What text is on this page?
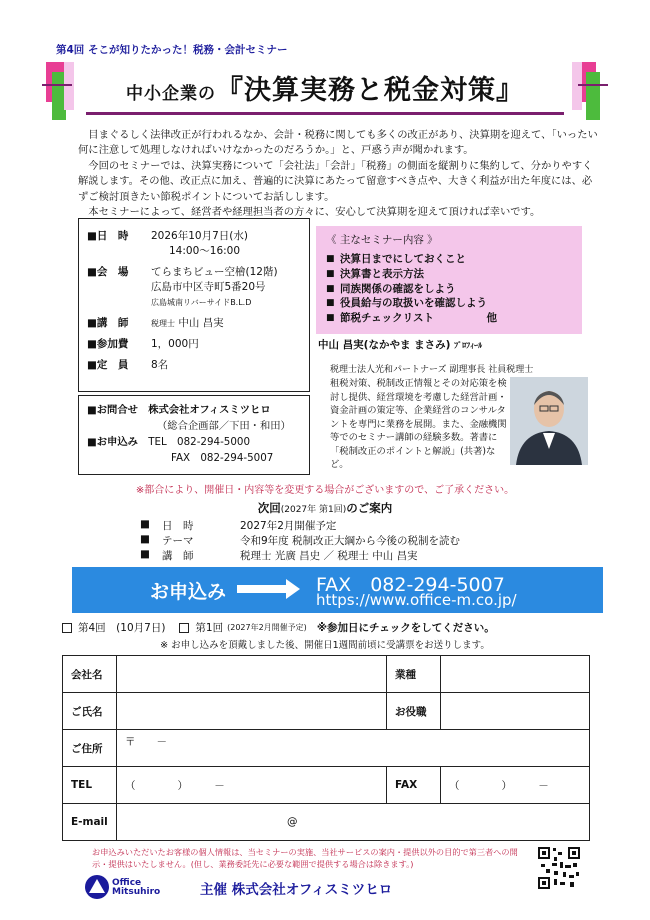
第4回 そこが知りたかった！税務・会計セミナー
中小企業の『決算実務と税金対策』

目まぐるしく法律改正が行われるなか、会計・税務に関しても多くの改正があり、決算期を迎えて、「いったい何に注意して処理しなければいけなかったのだろうか。」と、戸惑う声が聞かれます。

今回のセミナーでは、決算実務について「会社法」「会計」「税務」の側面を縦割りに集約して、分かりやすく解説します。その他、改正点に加え、普遍的に決算にあたって留意すべき点や、大きく利益が出た年度には、必ずご検討頂きたい節税ポイントについてお話しします。

本セミナーによって、経営者や経理担当者の方々に、安心して決算期を迎えて頂ければ幸いです。

■日　時	2026年10月7日(水)
14:00～16:00
■会　場	てらまちビュー空檜(12階)
広島市中区寺町5番20号
広島城南リバーサイドB.L.D
■講　師	税理士 中山 昌実
■参加費	1，000円
■定　員	8名
■お問合せ　 株式会社オフィスミツヒロ
（総合企画部／下田・和田）
■お申込み　 TEL　082-294-5000
FAX　082-294-5007
《 主なセミナー内容 》
■ 決算日までにしておくこと
■ 決算書と表示方法
■ 同族関係の確認をしよう
■ 役員給与の取扱いを確認しよう
■ 節税チェックリスト　　　　　他
中山 昌実(なかやま まさみ) ﾌﾟﾛﾌｨｰﾙ
税理士法人光和パートナーズ 副理事長 社員税理士
租税対策、税制改正情報とその対応策を検討し提供、経営環境を考慮した経営計画・資金計画の策定等、企業経営のコンサルタントを専門に業務を展開。また、金融機関等でのセミナー講師の経験多数。著書に「税制改正のポイントと解説」(共著)など。
※都合により、開催日・内容等を変更する場合がございますので、ご了承ください。
次回(2027年 第1回)のご案内
■	日　時	2027年2月開催予定
■	テーマ	令和9年度 税制改正大綱から今後の税制を読む
■	講　師	税理士 光廣 昌史 ／ 税理士 中山 昌実
お申込み	FAX　082-294-5007
https://www.office-m.co.jp/
第4回　(10月7日)	第1回 (2027年2月開催予定) ※参加日にチェックをしてください。
※ お申し込みを頂戴しました後、開催日1週間前頃に受講票をお送りします。
会社名		業種	
ご氏名		お役職	
ご住所	〒　　－		
TEL	（　　　　）　　　－	FAX	（　　　　）　　　－
E-mail	@		
お申込みいただいたお客様の個人情報は、当セミナーの実施、当社サービスの案内・提供以外の目的で第三者への開示・提供はいたしません。(但し、業務委託先に必要な範囲で提供する場合は除きます。)
Office Mitsuhiro	主催 株式会社オフィスミツヒロ
